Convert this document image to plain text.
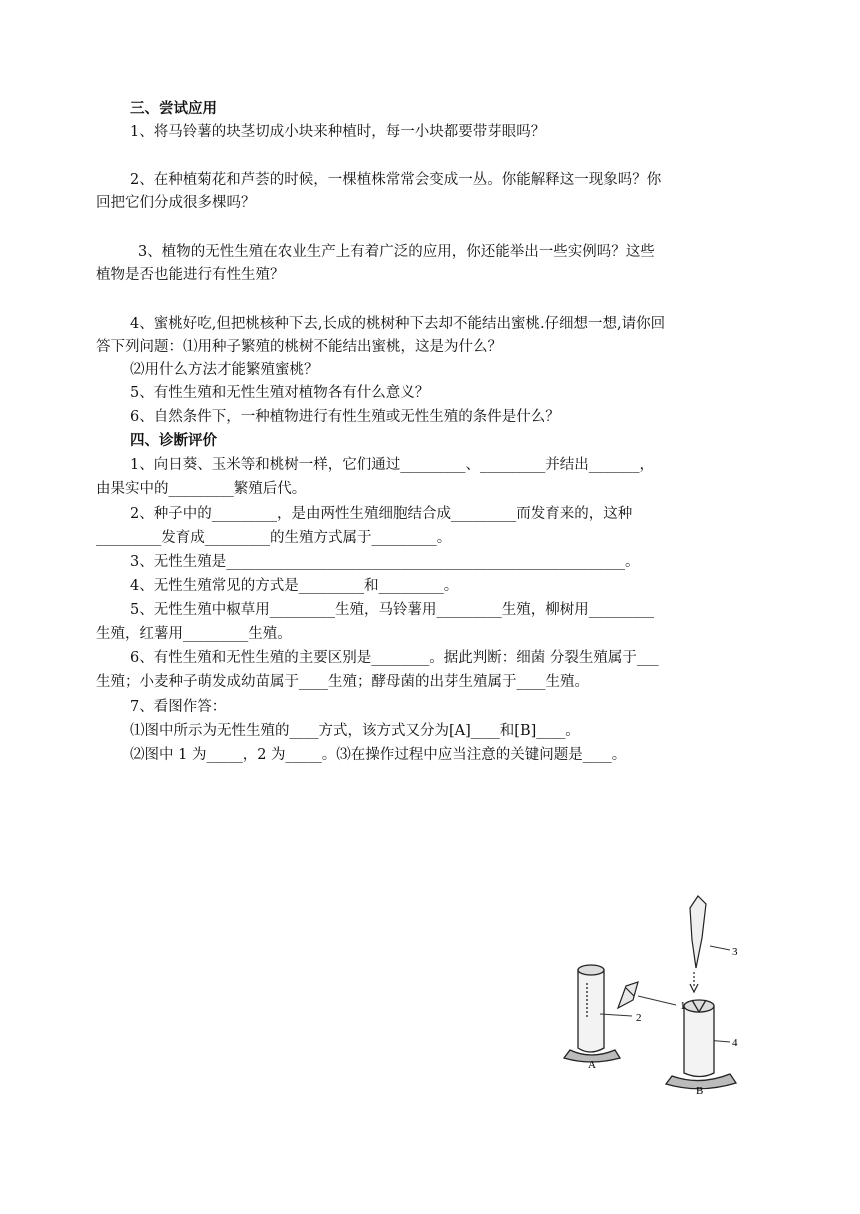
三、尝试应用
1、将马铃薯的块茎切成小块来种植时，每一小块都要带芽眼吗？
2、在种植菊花和芦荟的时候，一棵植株常常会变成一丛。你能解释这一现象吗？你
回把它们分成很多棵吗？
3、植物的无性生殖在农业生产上有着广泛的应用，你还能举出一些实例吗？这些
植物是否也能进行有性生殖？
4、蜜桃好吃,但把桃核种下去,长成的桃树种下去却不能结出蜜桃.仔细想一想,请你回
答下列问题：⑴用种子繁殖的桃树不能结出蜜桃，这是为什么？
⑵用什么方法才能繁殖蜜桃？
5、有性生殖和无性生殖对植物各有什么意义？
6、自然条件下，一种植物进行有性生殖或无性生殖的条件是什么？
四、诊断评价
1、向日葵、玉米等和桃树一样，它们通过_________、_________并结出_______，
由果实中的_________繁殖后代。
2、种子中的_________，是由两性生殖细胞结合成_________而发育来的，这种
_________发育成_________的生殖方式属于_________。
3、无性生殖是_______________________________________________________。
4、无性生殖常见的方式是_________和_________。
5、无性生殖中椒草用_________生殖，马铃薯用_________生殖，柳树用_________
生殖，红薯用_________生殖。
6、有性生殖和无性生殖的主要区别是________。据此判断：细菌 分裂生殖属于___
生殖；小麦种子萌发成幼苗属于____生殖；酵母菌的出芽生殖属于____生殖。
7、看图作答：
⑴图中所示为无性生殖的____方式，该方式又分为[A]____和[B]____。
⑵图中 1 为_____，2 为_____。⑶在操作过程中应当注意的关键问题是____。
1
2
3
4
A
B
